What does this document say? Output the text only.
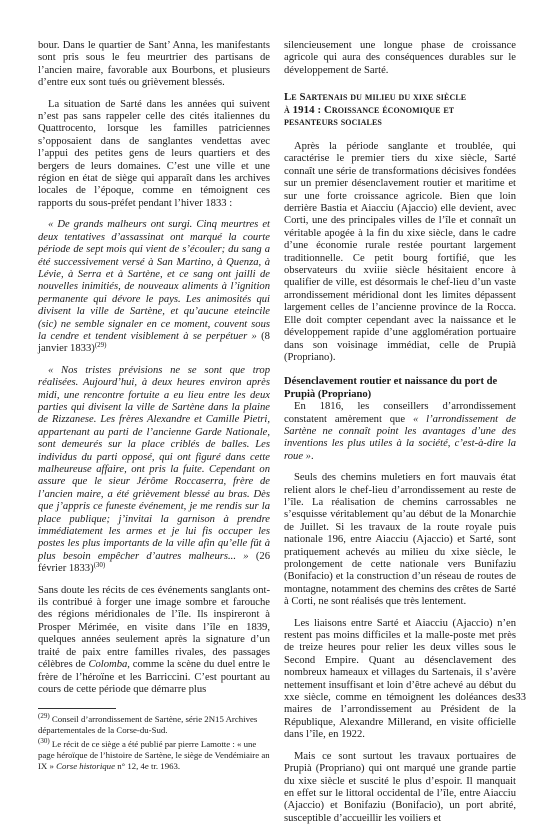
bour. Dans le quartier de Sant’ Anna, les manifestants sont pris sous le feu meurtrier des partisans de l’ancien maire, favorable aux Bourbons, et plusieurs d’entre eux sont tués ou grièvement blessés.

La situation de Sarté dans les années qui suivent n’est pas sans rappeler celle des cités italiennes du Quattrocento, lorsque les familles patriciennes s’opposaient dans de sanglantes vendettas avec l’appui des petites gens de leurs quartiers et des bergers de leurs domaines. C’est une ville et une région en état de siège qui apparaît dans les archives locales de l’époque, comme en témoignent ces rapports du sous-préfet pendant l’hiver 1833 :

« De grands malheurs ont surgi. Cinq meurtres et deux tentatives d’assassinat ont marqué la courte période de sept mois qui vient de s’écouler; du sang a été successivement versé à San Martino, à Quenza, à Lévie, à Serra et à Sartène, et ce sang ont jailli de nouvelles inimitiés, de nouveaux aliments à l’ignition permanente qui dévore le pays. Les animosités qui divisent la ville de Sartène, et qu’aucune eteincile (sic) ne semble signaler en ce moment, couvent sous la cendre et tendent visiblement à se perpétuer » (8 janvier 1833)$^{(29)}$

« Nos tristes prévisions ne se sont que trop réalisées. Aujourd’hui, à deux heures environ après midi, une rencontre fortuite a eu lieu entre les deux parties qui divisent la ville de Sartène dans la plaine de Rizzanese. Les frères Alexandre et Camille Pietri, appartenant au parti de l’ancienne Garde Nationale, sont demeurés sur la place criblés de balles. Les individus du parti opposé, qui ont figuré dans cette malheureuse affaire, ont pris la fuite. Cependant on assure que le sieur Jérôme Roccaserra, frère de l’ancien maire, a été grièvement blessé au bras. Dès que j’appris ce funeste événement, je me rendis sur la place publique; j’invitai la garnison à prendre immédiatement les armes et je lui fis occuper les postes les plus importants de la ville afin qu’elle fût à plus besoin empêcher d’autres malheurs... » (26 février 1833)$^{(30)}$

Sans doute les récits de ces événements sanglants ont-ils contribué à forger une image sombre et farouche des régions méridionales de l’île. Ils inspireront à Prosper Mérimée, en visite dans l’île en 1839, quelques années seulement après la signature d’un traité de paix entre familles rivales, des passages célèbres de Colomba, comme la scène du duel entre le frère de l’héroïne et les Barriccini. C’est pourtant au cours de cette période que démarre plus

$^{(29)}$ Conseil d’arrondissement de Sartène, série 2N15 Archives départementales de la Corse-du-Sud.

$^{(30)}$ Le récit de ce siège a été publié par pierre Lamotte : « une page héroïque de l’histoire de Sartène, le siège de Vendémiaire an IX » Corse historique n° 12, 4e tr. 1963.

silencieusement une longue phase de croissance agricole qui aura des conséquences durables sur le développement de Sarté.

Le Sartenais du milieu du xixe siècle
à 1914 : Croissance économique et
pesanteurs sociales

Après la période sanglante et troublée, qui caractérise le premier tiers du xixe siècle, Sarté connaît une série de transformations décisives fondées sur un premier désenclavement routier et maritime et sur une forte croissance agricole. Bien que loin derrière Bastia et Aiacciu (Ajaccio) elle devient, avec Corti, une des principales villes de l’île et connaît un véritable apogée à la fin du xixe siècle, dans le cadre d’une économie rurale restée pourtant largement traditionnelle. Ce petit bourg fortifié, que les observateurs du xviiie siècle hésitaient encore à qualifier de ville, est désormais le chef-lieu d’un vaste arrondissement méridional dont les limites dépassent largement celles de l’ancienne province de la Rocca. Elle doit compter cependant avec la naissance et le développement rapide d’une agglomération portuaire dans son voisinage immédiat, celle de Prupià (Propriano).

Désenclavement routier et naissance du port de
Prupià (Propriano)

En 1816, les conseillers d’arrondissement constatent amèrement que « l’arrondissement de Sartène ne connaît point les avantages d’une des inventions les plus utiles à la société, c’est-à-dire la roue ».

Seuls des chemins muletiers en fort mauvais état relient alors le chef-lieu d’arrondissement au reste de l’île. La réalisation de chemins carrossables ne s’esquisse véritablement qu’au début de la Monarchie de Juillet. Si les travaux de la route royale puis nationale 196, entre Aiacciu (Ajaccio) et Sarté, sont pratiquement achevés au milieu du xixe siècle, le prolongement de cette nationale vers Bunifaziu (Bonifacio) et la construction d’un réseau de routes de montagne, notamment des chemins des crêtes de Sarté à Corti, ne sont réalisés que très lentement.

Les liaisons entre Sarté et Aiacciu (Ajaccio) n’en restent pas moins difficiles et la malle-poste met près de treize heures pour relier les deux villes sous le Second Empire. Quant au désenclavement des nombreux hameaux et villages du Sartenais, il s’avère nettement insuffisant et loin d’être achevé au début du xxe siècle, comme en témoignent les doléances des maires de l’arrondissement au Président de la République, Alexandre Millerand, en visite officielle dans l’île, en 1922.

Mais ce sont surtout les travaux portuaires de Prupià (Propriano) qui ont marqué une grande partie du xixe siècle et suscité le plus d’espoir. Il manquait en effet sur le littoral occidental de l’île, entre Aiacciu (Ajaccio) et Bonifaziu (Bonifacio), un port abrité, susceptible d’accueillir les voiliers et

33
